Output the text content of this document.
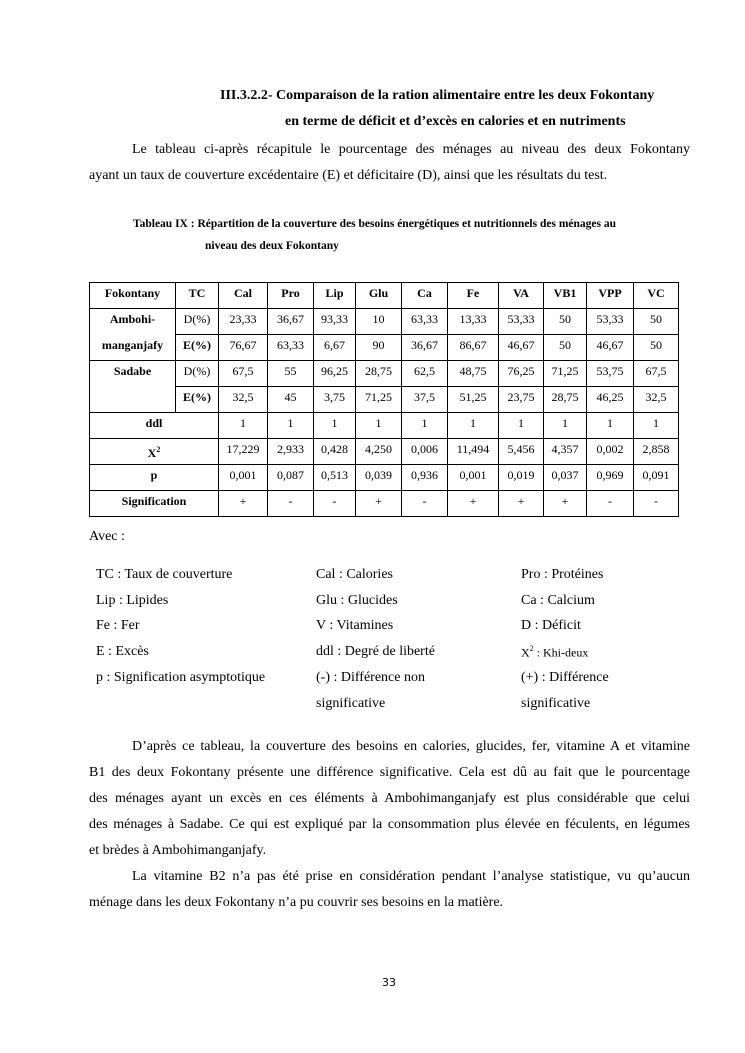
III.3.2.2- Comparaison de la ration alimentaire entre les deux Fokontany
en terme de déficit et d’excès en calories et en nutriments
Le tableau ci-après récapitule le pourcentage des ménages au niveau des deux Fokontany
ayant un taux de couverture excédentaire (E) et déficitaire (D), ainsi que les résultats du test.
Tableau IX : Répartition de la couverture des besoins énergétiques et nutritionnels des ménages au
niveau des deux Fokontany
Fokontany	TC	Cal	Pro	Lip	Glu	Ca	Fe	VA	VB1	VPP	VC
Ambohi-	D(%)	23,33	36,67	93,33	10	63,33	13,33	53,33	50	53,33	50
manganjafy	E(%)	76,67	63,33	6,67	90	36,67	86,67	46,67	50	46,67	50
Sadabe	D(%)	67,5	55	96,25	28,75	62,5	48,75	76,25	71,25	53,75	67,5
	E(%)	32,5	45	3,75	71,25	37,5	51,25	23,75	28,75	46,25	32,5
ddl		1	1	1	1	1	1	1	1	1	1
$X^2$		17,229	2,933	0,428	4,250	0,006	11,494	5,456	4,357	0,002	2,858
p		0,001	0,087	0,513	0,039	0,936	0,001	0,019	0,037	0,969	0,091
Signification		+	-	-	+	-	+	+	+	-	-
Avec :
TC : Taux de couverture	Cal : Calories	Pro : Protéines
Lip : Lipides	Glu : Glucides	Ca : Calcium
Fe : Fer	V : Vitamines	D : Déficit
E : Excès	ddl : Degré de liberté	$X^2$ : Khi-deux
p : Signification asymptotique	(-) : Différence non	(+) : Différence
significative	significative
D’après ce tableau, la couverture des besoins en calories, glucides, fer, vitamine A et vitamine
B1 des deux Fokontany présente une différence significative. Cela est dû au fait que le pourcentage
des ménages ayant un excès en ces éléments à Ambohimanganjafy est plus considérable que celui
des ménages à Sadabe. Ce qui est expliqué par la consommation plus élevée en féculents, en légumes
et brèdes à Ambohimanganjafy.
La vitamine B2 n’a pas été prise en considération pendant l’analyse statistique, vu qu’aucun
ménage dans les deux Fokontany n’a pu couvrir ses besoins en la matière.
33
